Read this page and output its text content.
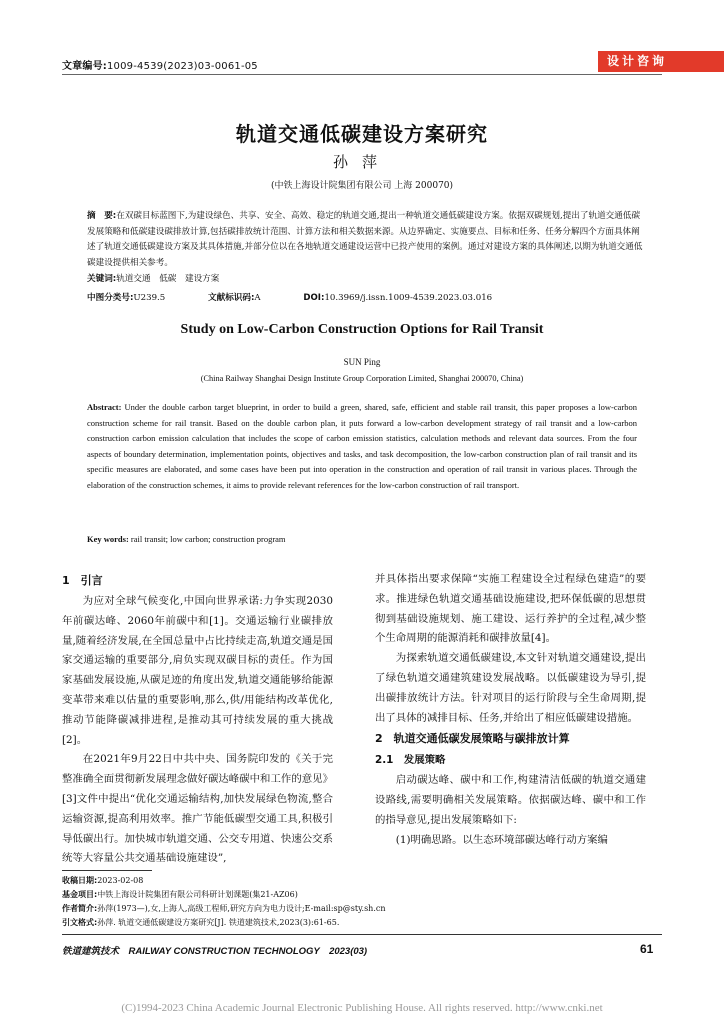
文章编号:1009-4539(2023)03-0061-05	设计咨询
轨道交通低碳建设方案研究
孙萍
(中铁上海设计院集团有限公司 上海 200070)
摘　要:在双碳目标蓝图下,为建设绿色、共享、安全、高效、稳定的轨道交通,提出一种轨道交通低碳建设方案。依据双碳规划,提出了轨道交通低碳发展策略和低碳建设碳排放计算,包括碳排放统计范围、计算方法和相关数据来源。从边界确定、实施要点、目标和任务、任务分解四个方面具体阐述了轨道交通低碳建设方案及其具体措施,并部分位以在各地轨道交通建设运营中已投产使用的案例。通过对建设方案的具体阐述,以期为轨道交通低碳建设提供相关参考。
关键词:轨道交通　低碳　建设方案
中图分类号:U239.5	文献标识码:A	DOI:10.3969/j.issn.1009-4539.2023.03.016
Study on Low-Carbon Construction Options for Rail Transit
SUN Ping
(China Railway Shanghai Design Institute Group Corporation Limited, Shanghai 200070, China)
Abstract: Under the double carbon target blueprint, in order to build a green, shared, safe, efficient and stable rail transit, this paper proposes a low-carbon construction scheme for rail transit. Based on the double carbon plan, it puts forward a low-carbon development strategy of rail transit and a low-carbon construction carbon emission calculation that includes the scope of carbon emission statistics, calculation methods and relevant data sources. From the four aspects of boundary determination, implementation points, objectives and tasks, and task decomposition, the low-carbon construction plan of rail transit and its specific measures are elaborated, and some cases have been put into operation in the construction and operation of rail transit in various places. Through the elaboration of the construction schemes, it aims to provide relevant references for the low-carbon construction of rail transport.
Key words: rail transit; low carbon; construction program
1　引言

为应对全球气候变化,中国向世界承诺:力争实现2030年前碳达峰、2060年前碳中和[1]。交通运输行业碳排放量,随着经济发展,在全国总量中占比持续走高,轨道交通是国家交通运输的重要部分,肩负实现双碳目标的责任。作为国家基础发展设施,从碳足迹的角度出发,轨道交通能够给能源变革带来难以估量的重要影响,那么,供/用能结构改革优化,推动节能降碳减排进程,是推动其可持续发展的重大挑战[2]。

在2021年9月22日中共中央、国务院印发的《关于完整准确全面贯彻新发展理念做好碳达峰碳中和工作的意见》[3]文件中提出“优化交通运输结构,加快发展绿色物流,整合运输资源,提高利用效率。推广节能低碳型交通工具,积极引导低碳出行。加快城市轨道交通、公交专用道、快速公交系统等大容量公共交通基础设施建设”,

并具体指出要求保障“实施工程建设全过程绿色建造”的要求。推进绿色轨道交通基础设施建设,把环保低碳的思想贯彻到基础设施规划、施工建设、运行养护的全过程,减少整个生命周期的能源消耗和碳排放量[4]。

为探索轨道交通低碳建设,本文针对轨道交通建设,提出了绿色轨道交通建筑建设发展战略。以低碳建设为导引,提出碳排放统计方法。针对项目的运行阶段与全生命周期,提出了具体的减排目标、任务,并给出了相应低碳建设措施。

2　轨道交通低碳发展策略与碳排放计算
2.1　发展策略

启动碳达峰、碳中和工作,构建清洁低碳的轨道交通建设路线,需要明确相关发展策略。依据碳达峰、碳中和工作的指导意见,提出发展策略如下:

(1)明确思路。以生态环境部碳达峰行动方案编

收稿日期:2023-02-08
基金项目:中铁上海设计院集团有限公司科研计划课题(集21-AZ06)
作者简介:孙萍(1973—),女,上海人,高级工程师,研究方向为电力设计;E-mail:sp@sty.sh.cn
引文格式:孙萍. 轨道交通低碳建设方案研究[J]. 铁道建筑技术,2023(3):61-65.
铁道建筑技术　RAILWAY CONSTRUCTION TECHNOLOGY　2023(03)	61
(C)1994-2023 China Academic Journal Electronic Publishing House. All rights reserved. http://www.cnki.net
